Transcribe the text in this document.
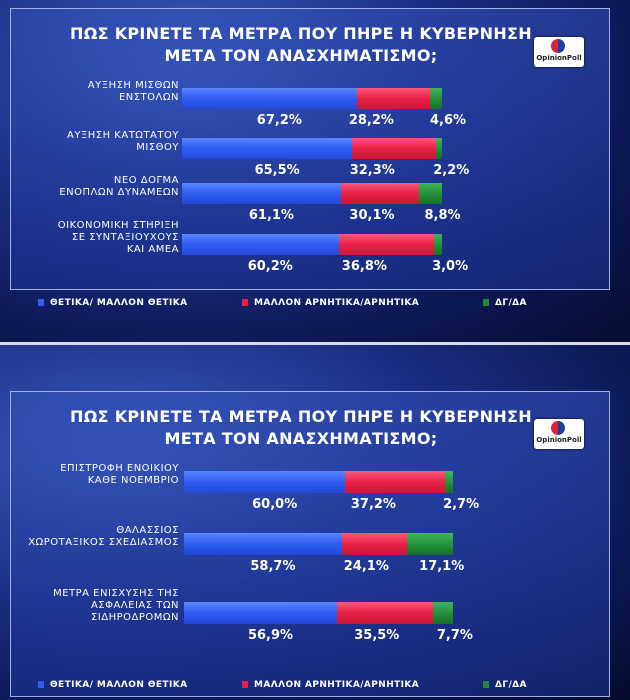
ΠΩΣ ΚΡΙΝΕΤΕ ΤΑ ΜΕΤΡΑ ΠΟΥ ΠΗΡΕ Η ΚΥΒΕΡΝΗΣΗ
ΜΕΤΑ ΤΟΝ ΑΝΑΣΧΗΜΑΤΙΣΜΟ;	OpinionPoll
ΑΥΞΗΣΗ ΜΙΣΘΩΝ
ΕΝΣΤΟΛΩΝ
67,2%	28,2%	4,6%
ΑΥΞΗΣΗ ΚΑΤΩΤΑΤΟΥ
ΜΙΣΘΟΥ
65,5%	32,3%	2,2%
ΝΕΟ ΔΟΓΜΑ
ΕΝΟΠΛΩΝ ΔΥΝΑΜΕΩΝ
61,1%	30,1%	8,8%
ΟΙΚΟΝΟΜΙΚΗ ΣΤΗΡΙΞΗ
ΣΕ ΣΥΝΤΑΞΙΟΥΧΟΥΣ
ΚΑΙ ΑΜΕΑ
60,2%	36,8%	3,0%
ΘΕΤΙΚΑ/ ΜΑΛΛΟΝ ΘΕΤΙΚΑ	ΜΑΛΛΟΝ ΑΡΝΗΤΙΚΑ/ΑΡΝΗΤΙΚΑ	ΔΓ/ΔΑ
ΠΩΣ ΚΡΙΝΕΤΕ ΤΑ ΜΕΤΡΑ ΠΟΥ ΠΗΡΕ Η ΚΥΒΕΡΝΗΣΗ
ΜΕΤΑ ΤΟΝ ΑΝΑΣΧΗΜΑΤΙΣΜΟ;	OpinionPoll
ΕΠΙΣΤΡΟΦΗ ΕΝΟΙΚΙΟΥ
ΚΑΘΕ ΝΟΕΜΒΡΙΟ
60,0%	37,2%	2,7%
ΘΑΛΑΣΣΙΟΣ
ΧΩΡΟΤΑΞΙΚΟΣ ΣΧΕΔΙΑΣΜΟΣ
58,7%	24,1%	17,1%
ΜΕΤΡΑ ΕΝΙΣΧΥΣΗΣ ΤΗΣ
ΑΣΦΑΛΕΙΑΣ ΤΩΝ
ΣΙΔΗΡΟΔΡΟΜΩΝ
56,9%	35,5%	7,7%
ΘΕΤΙΚΑ/ ΜΑΛΛΟΝ ΘΕΤΙΚΑ	ΜΑΛΛΟΝ ΑΡΝΗΤΙΚΑ/ΑΡΝΗΤΙΚΑ	ΔΓ/ΔΑ
